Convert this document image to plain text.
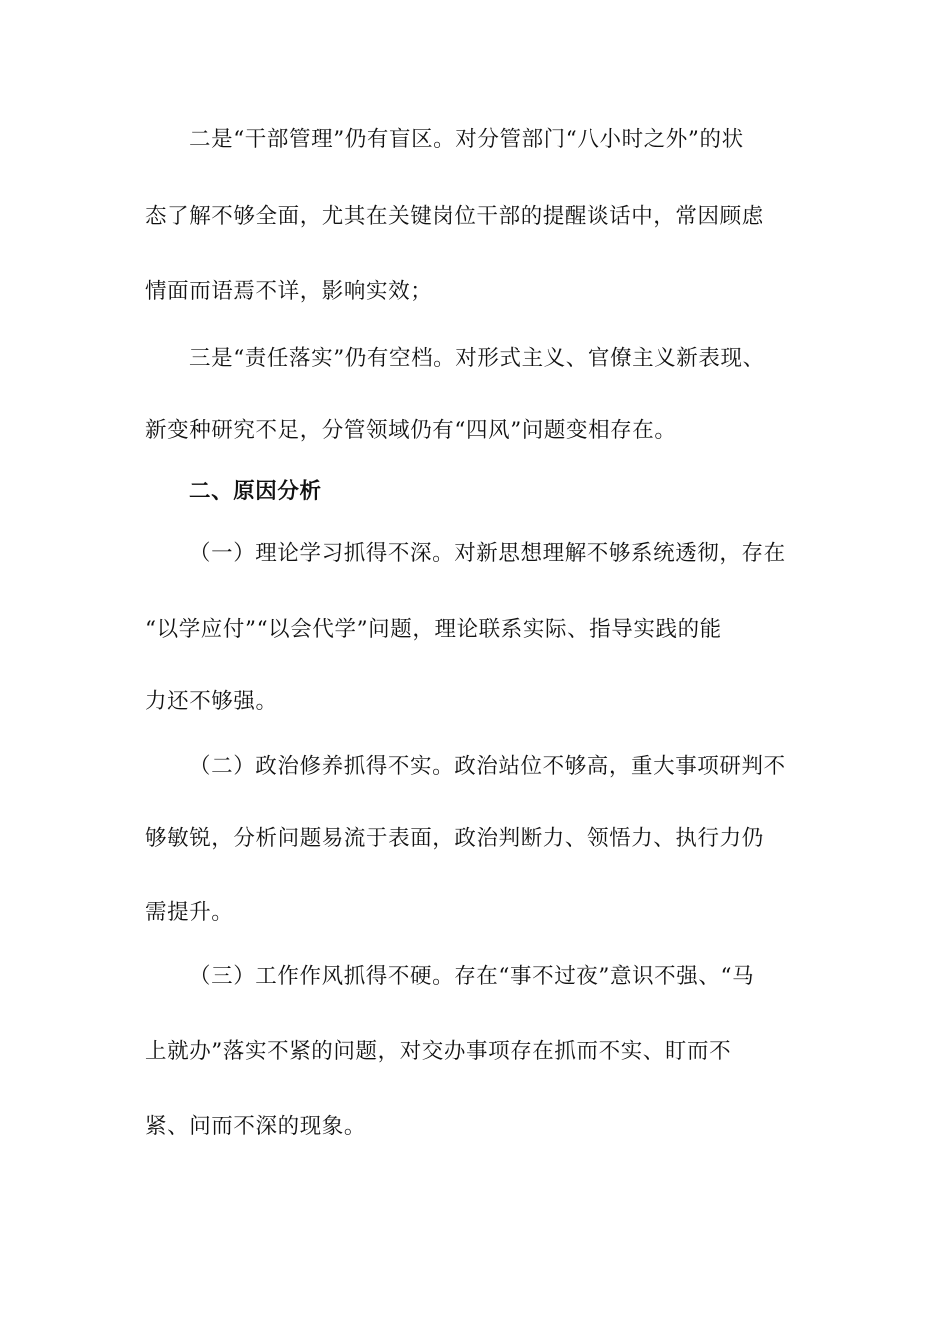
二是“干部管理”仍有盲区。对分管部门“八小时之外”的状
态了解不够全面，尤其在关键岗位干部的提醒谈话中，常因顾虑
情面而语焉不详，影响实效；
三是“责任落实”仍有空档。对形式主义、官僚主义新表现、
新变种研究不足，分管领域仍有“四风”问题变相存在。
二、原因分析
（一）理论学习抓得不深。对新思想理解不够系统透彻，存在
“以学应付”“以会代学”问题，理论联系实际、指导实践的能
力还不够强。
（二）政治修养抓得不实。政治站位不够高，重大事项研判不
够敏锐，分析问题易流于表面，政治判断力、领悟力、执行力仍
需提升。
（三）工作作风抓得不硬。存在“事不过夜”意识不强、“马
上就办”落实不紧的问题，对交办事项存在抓而不实、盯而不
紧、问而不深的现象。
